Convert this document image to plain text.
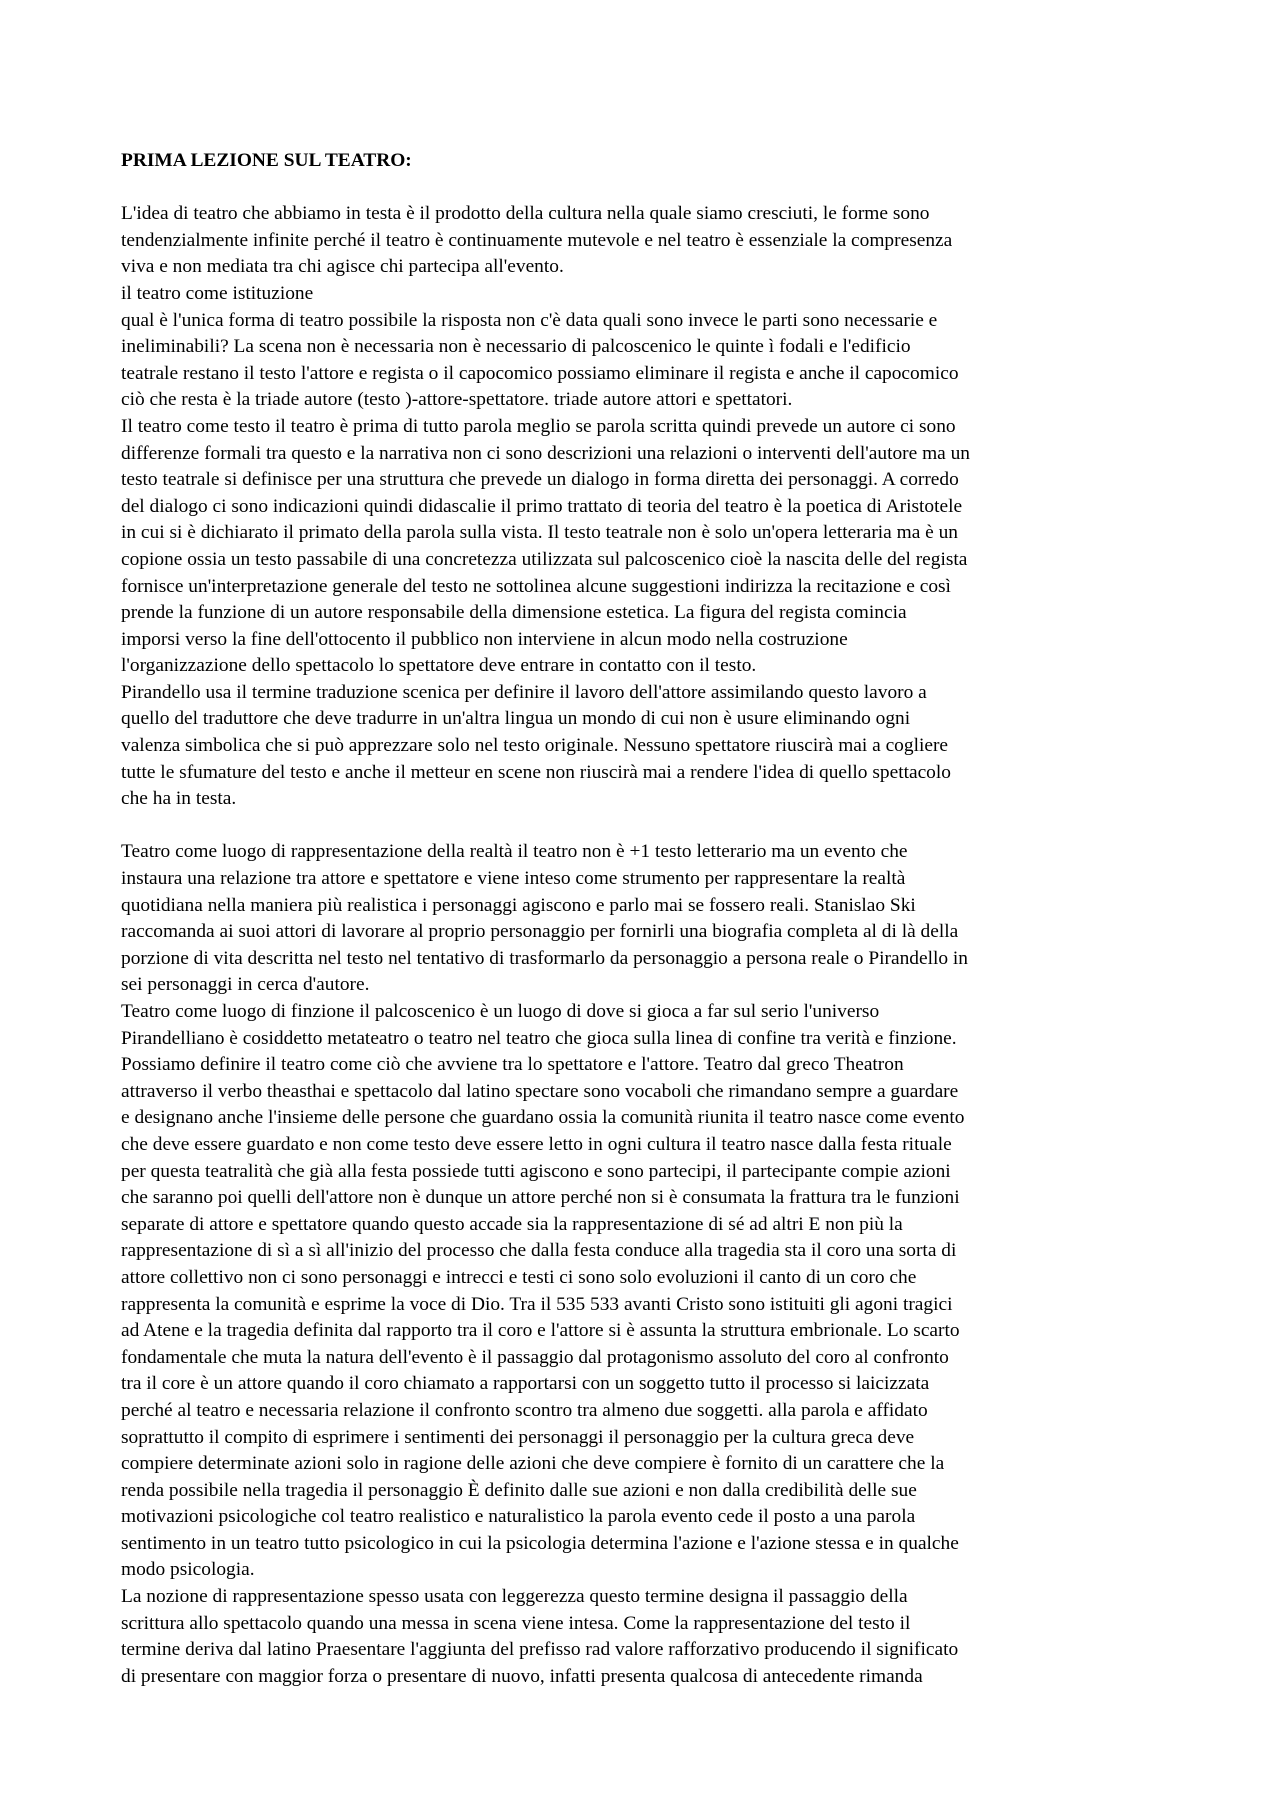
PRIMA LEZIONE SUL TEATRO:
L'idea di teatro che abbiamo in testa è il prodotto della cultura nella quale siamo cresciuti, le forme sono
tendenzialmente infinite perché il teatro è continuamente mutevole e nel teatro è essenziale la compresenza
viva e non mediata tra chi agisce chi partecipa all'evento.
il teatro come istituzione
qual è l'unica forma di teatro possibile la risposta non c'è data quali sono invece le parti sono necessarie e
ineliminabili? La scena non è necessaria non è necessario di palcoscenico le quinte ì fodali e l'edificio
teatrale restano il testo l'attore e regista o il capocomico possiamo eliminare il regista e anche il capocomico
ciò che resta è la triade autore (testo )-attore-spettatore. triade autore attori e spettatori.
Il teatro come testo il teatro è prima di tutto parola meglio se parola scritta quindi prevede un autore ci sono
differenze formali tra questo e la narrativa non ci sono descrizioni una relazioni o interventi dell'autore ma un
testo teatrale si definisce per una struttura che prevede un dialogo in forma diretta dei personaggi. A corredo
del dialogo ci sono indicazioni quindi didascalie il primo trattato di teoria del teatro è la poetica di Aristotele
in cui si è dichiarato il primato della parola sulla vista. Il testo teatrale non è solo un'opera letteraria ma è un
copione ossia un testo passabile di una concretezza utilizzata sul palcoscenico cioè la nascita delle del regista
fornisce un'interpretazione generale del testo ne sottolinea alcune suggestioni indirizza la recitazione e così
prende la funzione di un autore responsabile della dimensione estetica. La figura del regista comincia
imporsi verso la fine dell'ottocento il pubblico non interviene in alcun modo nella costruzione
l'organizzazione dello spettacolo lo spettatore deve entrare in contatto con il testo.
Pirandello usa il termine traduzione scenica per definire il lavoro dell'attore assimilando questo lavoro a
quello del traduttore che deve tradurre in un'altra lingua un mondo di cui non è usure eliminando ogni
valenza simbolica che si può apprezzare solo nel testo originale. Nessuno spettatore riuscirà mai a cogliere
tutte le sfumature del testo e anche il metteur en scene non riuscirà mai a rendere l'idea di quello spettacolo
che ha in testa.
Teatro come luogo di rappresentazione della realtà il teatro non è +1 testo letterario ma un evento che
instaura una relazione tra attore e spettatore e viene inteso come strumento per rappresentare la realtà
quotidiana nella maniera più realistica i personaggi agiscono e parlo mai se fossero reali. Stanislao Ski
raccomanda ai suoi attori di lavorare al proprio personaggio per fornirli una biografia completa al di là della
porzione di vita descritta nel testo nel tentativo di trasformarlo da personaggio a persona reale o Pirandello in
sei personaggi in cerca d'autore.
Teatro come luogo di finzione il palcoscenico è un luogo di dove si gioca a far sul serio l'universo
Pirandelliano è cosiddetto metateatro o teatro nel teatro che gioca sulla linea di confine tra verità e finzione.
Possiamo definire il teatro come ciò che avviene tra lo spettatore e l'attore. Teatro dal greco Theatron
attraverso il verbo theasthai e spettacolo dal latino spectare sono vocaboli che rimandano sempre a guardare
e designano anche l'insieme delle persone che guardano ossia la comunità riunita il teatro nasce come evento
che deve essere guardato e non come testo deve essere letto in ogni cultura il teatro nasce dalla festa rituale
per questa teatralità che già alla festa possiede tutti agiscono e sono partecipi, il partecipante compie azioni
che saranno poi quelli dell'attore non è dunque un attore perché non si è consumata la frattura tra le funzioni
separate di attore e spettatore quando questo accade sia la rappresentazione di sé ad altri E non più la
rappresentazione di sì a sì all'inizio del processo che dalla festa conduce alla tragedia sta il coro una sorta di
attore collettivo non ci sono personaggi e intrecci e testi ci sono solo evoluzioni il canto di un coro che
rappresenta la comunità e esprime la voce di Dio. Tra il 535 533 avanti Cristo sono istituiti gli agoni tragici
ad Atene e la tragedia definita dal rapporto tra il coro e l'attore si è assunta la struttura embrionale. Lo scarto
fondamentale che muta la natura dell'evento è il passaggio dal protagonismo assoluto del coro al confronto
tra il core è un attore quando il coro chiamato a rapportarsi con un soggetto tutto il processo si laicizzata
perché al teatro e necessaria relazione il confronto scontro tra almeno due soggetti. alla parola e affidato
soprattutto il compito di esprimere i sentimenti dei personaggi il personaggio per la cultura greca deve
compiere determinate azioni solo in ragione delle azioni che deve compiere è fornito di un carattere che la
renda possibile nella tragedia il personaggio È definito dalle sue azioni e non dalla credibilità delle sue
motivazioni psicologiche col teatro realistico e naturalistico la parola evento cede il posto a una parola
sentimento in un teatro tutto psicologico in cui la psicologia determina l'azione e l'azione stessa e in qualche
modo psicologia.
La nozione di rappresentazione spesso usata con leggerezza questo termine designa il passaggio della
scrittura allo spettacolo quando una messa in scena viene intesa. Come la rappresentazione del testo il
termine deriva dal latino Praesentare l'aggiunta del prefisso rad valore rafforzativo producendo il significato
di presentare con maggior forza o presentare di nuovo, infatti presenta qualcosa di antecedente rimanda
